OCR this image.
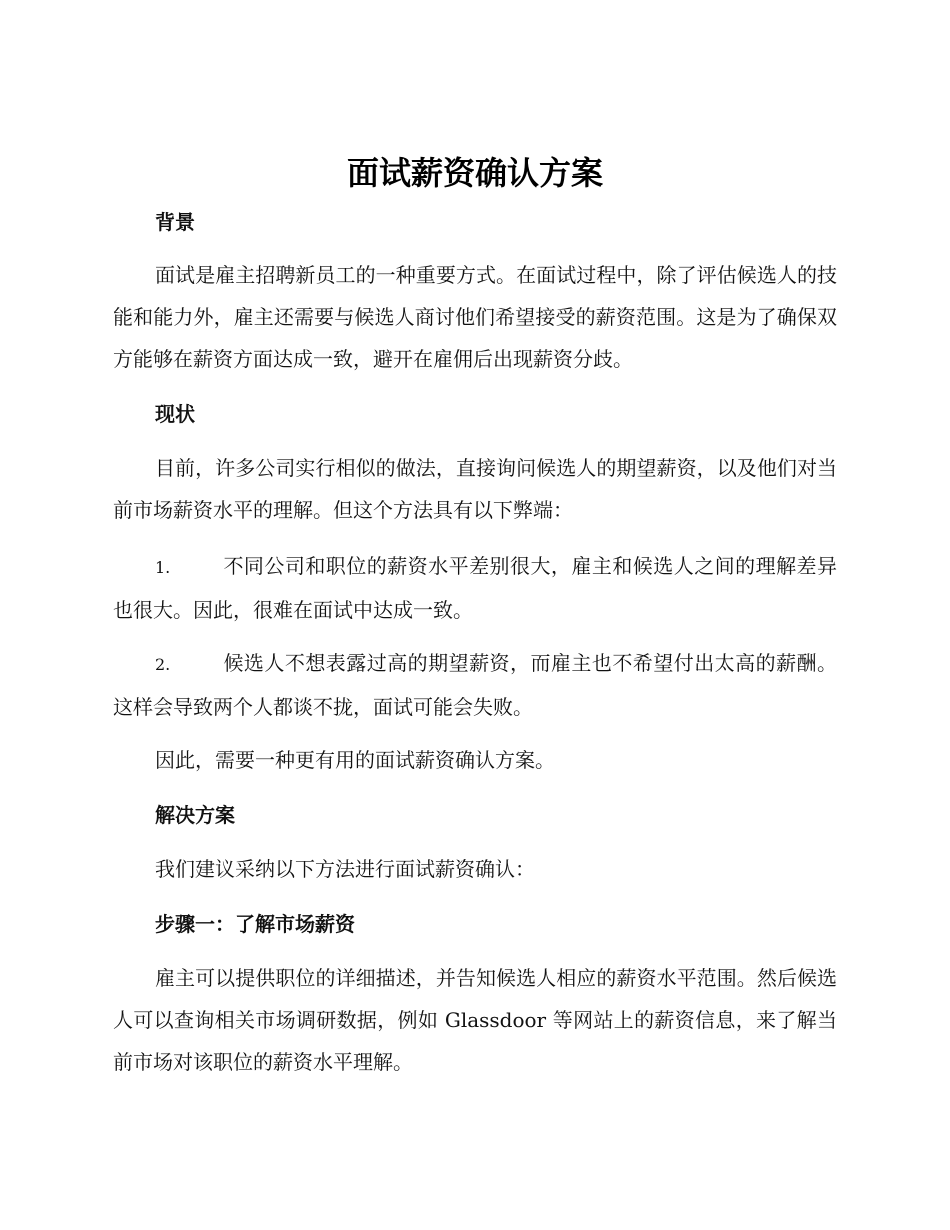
面试薪资确认方案
背景

面试是雇主招聘新员工的一种重要方式。在面试过程中，除了评估候选人的技能和能力外，雇主还需要与候选人商讨他们希望接受的薪资范围。这是为了确保双方能够在薪资方面达成一致，避开在雇佣后出现薪资分歧。

现状

目前，许多公司实行相似的做法，直接询问候选人的期望薪资，以及他们对当前市场薪资水平的理解。但这个方法具有以下弊端：

1.	不同公司和职位的薪资水平差别很大，雇主和候选人之间的理解差异也很大。因此，很难在面试中达成一致。

2.	候选人不想表露过高的期望薪资，而雇主也不希望付出太高的薪酬。这样会导致两个人都谈不拢，面试可能会失败。

因此，需要一种更有用的面试薪资确认方案。

解决方案

我们建议采纳以下方法进行面试薪资确认：

步骤一：了解市场薪资

雇主可以提供职位的详细描述，并告知候选人相应的薪资水平范围。然后候选人可以查询相关市场调研数据，例如 Glassdoor 等网站上的薪资信息，来了解当前市场对该职位的薪资水平理解。
